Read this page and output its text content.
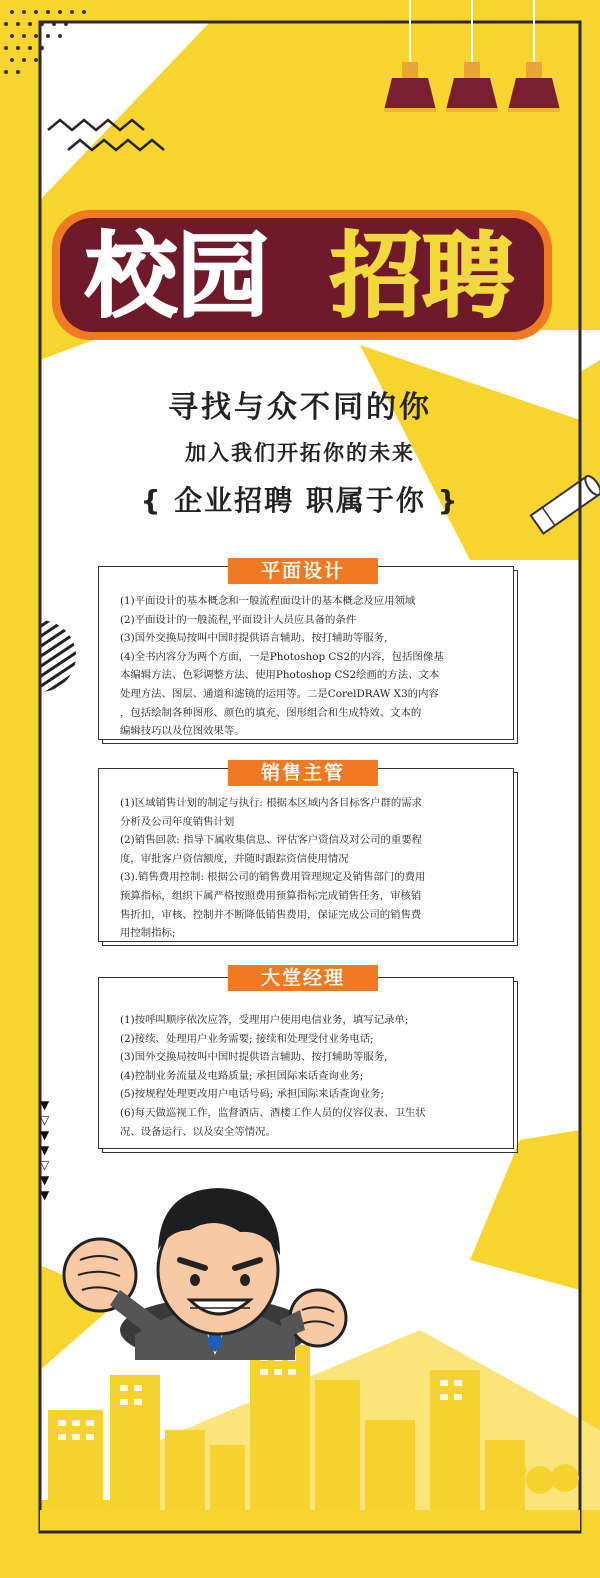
校园 招聘
寻找与众不同的你
加入我们开拓你的未来
{ 企业招聘 职属于你 }
平面设计
(1)平面设计的基本概念和一般流程面设计的基本概念及应用领域
(2)平面设计的一般流程,平面设计人员应具备的条件
(3)国外交换局按叫中国时提供语言辅助、按打辅助等服务,
(4)全书内容分为两个方面，一是Photoshop CS2的内容，包括图像基
本编辑方法、色彩调整方法、使用Photoshop CS2绘画的方法、文本
处理方法、图层、通道和滤镜的运用等。二是CorelDRAW X3的内容
，包括绘制各种图形、颜色的填充、图形组合和生成特效、文本的
编辑技巧以及位图效果等。
销售主管
(1)区域销售计划的制定与执行: 根据本区域内各目标客户群的需求
分析及公司年度销售计划
(2)销售回款: 指导下属收集信息、评估客户资信及对公司的重要程
度，审批客户资信额度，并随时跟踪资信使用情况
(3).销售费用控制: 根据公司的销售费用管理规定及销售部门的费用
预算指标，组织下属严格按照费用预算指标完成销售任务，审核销
售折扣，审核、控制并不断降低销售费用，保证完成公司的销售费
用控制指标;
大堂经理
(1)按呼叫顺序依次应答，受理用户使用电信业务，填写记录单;
(2)接续、处理用户业务需要; 接续和处理受付业务电话;
(3)国外交换局按叫中国时提供语言辅助、按打辅助等服务,
(4)控制业务流量及电路质量; 承担国际来话查询业务;
(5)按规程处理更改用户电话号码; 承担国际来话查询业务;
(6)每天做巡视工作，监督酒店、酒楼工作人员的仪容仪表、卫生状
况、设备运行、以及安全等情况。
▼
▽
▼
▼
▽
▼
▼
